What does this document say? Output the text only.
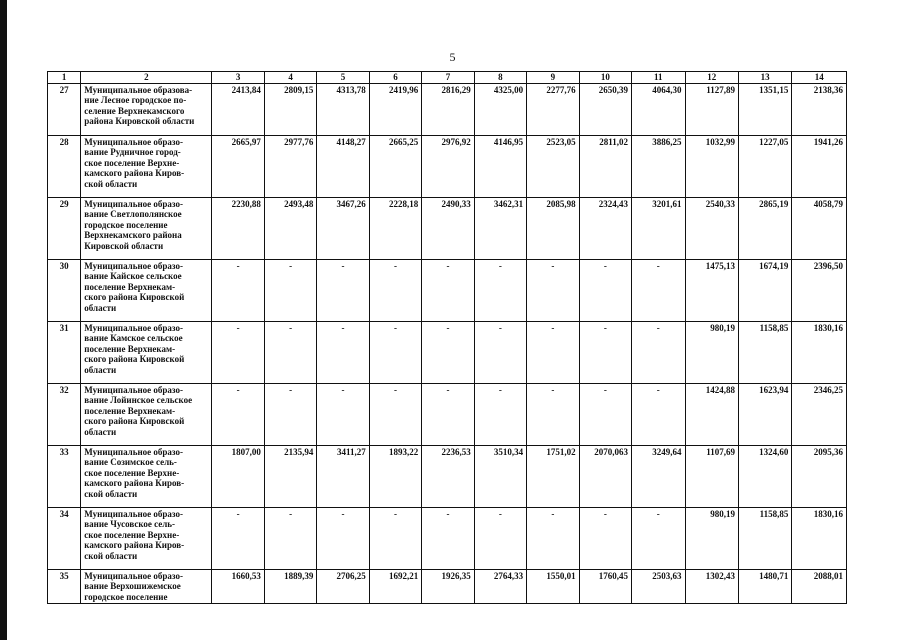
5
1	2	3	4	5	6	7	8	9	10	11	12	13	14
27	Муниципальное образова-
ние Лесное городское по-
селение Верхнекамского
района Кировской области	2413,84	2809,15	4313,78	2419,96	2816,29	4325,00	2277,76	2650,39	4064,30	1127,89	1351,15	2138,36
28	Муниципальное образо-
вание Рудничное город-
ское поселение Верхне-
камского района Киров-
ской области	2665,97	2977,76	4148,27	2665,25	2976,92	4146,95	2523,05	2811,02	3886,25	1032,99	1227,05	1941,26
29	Муниципальное образо-
вание Светлополянское
городское поселение
Верхнекамского района
Кировской области	2230,88	2493,48	3467,26	2228,18	2490,33	3462,31	2085,98	2324,43	3201,61	2540,33	2865,19	4058,79
30	Муниципальное образо-
вание Кайское сельское
поселение Верхнекам-
ского района Кировской
области	-	-	-	-	-	-	-	-	-	1475,13	1674,19	2396,50
31	Муниципальное образо-
вание Камское сельское
поселение Верхнекам-
ского района Кировской
области	-	-	-	-	-	-	-	-	-	980,19	1158,85	1830,16
32	Муниципальное образо-
вание Лойинское сельское
поселение Верхнекам-
ского района Кировской
области	-	-	-	-	-	-	-	-	-	1424,88	1623,94	2346,25
33	Муниципальное образо-
вание Созимское сель-
ское поселение Верхне-
камского района Киров-
ской области	1807,00	2135,94	3411,27	1893,22	2236,53	3510,34	1751,02	2070,063	3249,64	1107,69	1324,60	2095,36
34	Муниципальное образо-
вание Чусовское сель-
ское поселение Верхне-
камского района Киров-
ской области	-	-	-	-	-	-	-	-	-	980,19	1158,85	1830,16
35	Муниципальное образо-
вание Верхошижемское
городское поселение	1660,53	1889,39	2706,25	1692,21	1926,35	2764,33	1550,01	1760,45	2503,63	1302,43	1480,71	2088,01
